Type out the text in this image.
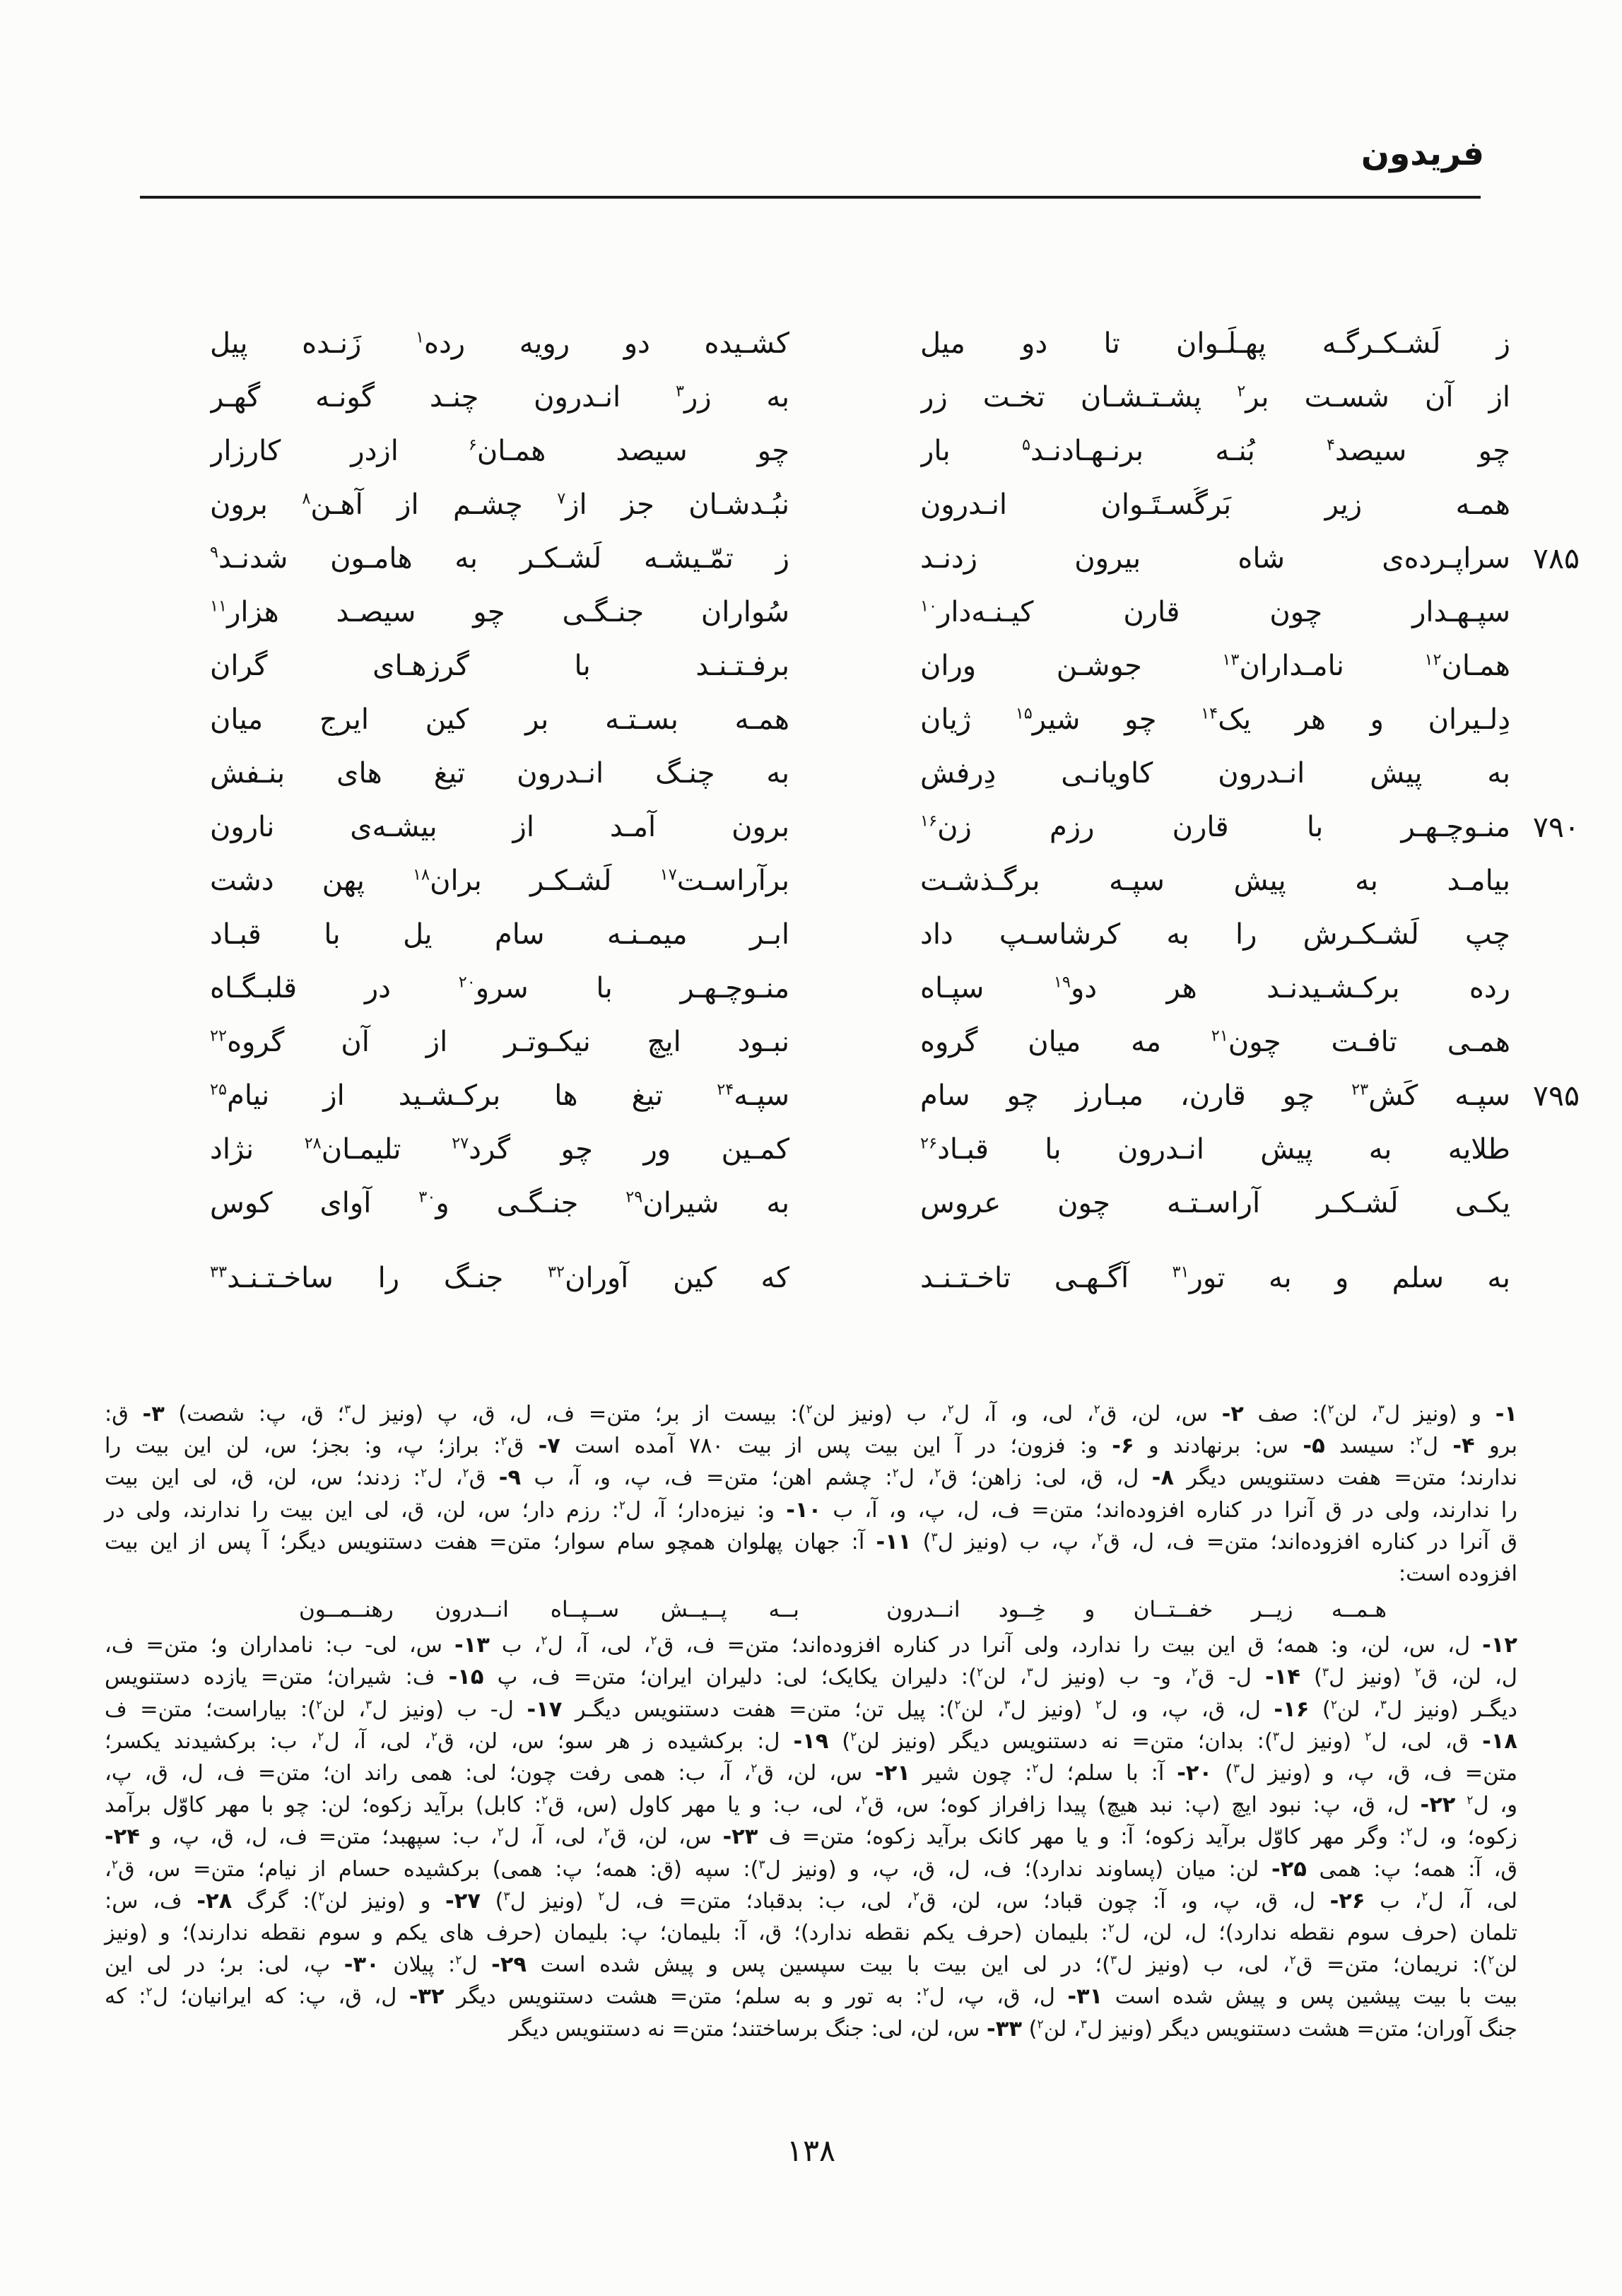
فریدون
ز لَشـکـرگـه پهـلَـوان تا دو میل
کشـیده دو رویه رده$^۱$ زَنـده پیل
از آن شسـت بر$^۲$ پشـتـشـان تخـت زر
به زر$^۳$ انـدرون چنـد گونـه گهـر
چو سیصد$^۴$ بُنـه برنـهـادنـد$^۵$ بار
چو سیصد همـان$^۶$ ازدرِ کارزار
همـه زیر بَرگُسـتَـوان انـدرون
نبُـدشـان جز از$^۷$ چشـم از آهـن$^۸$ برون
۷۸۵
سراپـرده‌ی شاه بیرون زدنـد
ز تمّـیشـه لَشـکـر به هامـون شدنـد$^۹$
سپـهـدار چون قارن کیـنـه‌دار$^{۱۰}$
سُواران جنـگـی چو سیصـد هزار$^{۱۱}$
همـان$^{۱۲}$ نامـداران$^{۱۳}$ جوشـن وران
برفـتـنـد با گرزهـای گران
دِلـیران و هر یک$^{۱۴}$ چو شیر$^{۱۵}$ ژیان
همـه بسـتـه بر کین ایرج میان
به پیش انـدرون کاویانـی دِرفش
به چنـگ انـدرون تیغ های بنـفش
۷۹۰
منـوچـهـر با قارن رزم زن$^{۱۶}$
برون آمـد از بیشـه‌ی نارون
بیامـد به پیش سپـه برگـذشـت
برآراسـت$^{۱۷}$ لَشـکـر بران$^{۱۸}$ پهن دشت
چپ لَشـکـرش را به کرشاسـپ داد
ابـر میمـنـه سام یل با قبـاد
رده برکـشـیدنـد هر دو$^{۱۹}$ سپـاه
منـوچـهـر با سرو$^{۲۰}$ در قلبـگـاه
همـی تافـت چون$^{۲۱}$ مه میان گروه
نبـود ایچ نیکـوتـر از آن گروه$^{۲۲}$
۷۹۵
سپـه کَش$^{۲۳}$ چو قارن، مبـارز چو سام
سپـه$^{۲۴}$ تیغ ها برکـشـید از نیام$^{۲۵}$
طلایه به پیش انـدرون با قبـاد$^{۲۶}$
کمـین ور چو گرد$^{۲۷}$ تلیمـان$^{۲۸}$ نژاد
یکـی لَشـکـر آراسـتـه چون عروس
به شیران$^{۲۹}$ جنـگـی و$^{۳۰}$ آوای کوس
به سلم و به تور$^{۳۱}$ آگـهـی تاخـتـنـد
که کین آوران$^{۳۲}$ جنـگ را ساخـتـنـد$^{۳۳}$
۱- و (ونیز ل$^۳$، لن$^۲$): صف ۲- س، لن، ق$^۲$، لی، و، آ، ل$^۲$، ب (ونیز لن$^۲$): بیست از بر؛ متن= ف، ل، ق، پ (ونیز ل$^۳$؛ ق، پ: شصت) ۳- ق:
برو ۴- ل$^۲$: سیسد ۵- س: برنهادند و ۶- و: فزون؛ در آ این بیت پس از بیت ۷۸۰ آمده است ۷- ق$^۲$: براز؛ پ، و: بجز؛ س، لن این بیت را
ندارند؛ متن= هفت دستنویس دیگر ۸- ل، ق، لی: زاهن؛ ق$^۲$، ل$^۲$: چشم اهن؛ متن= ف، پ، و، آ، ب ۹- ق$^۲$، ل$^۲$: زدند؛ س، لن، ق، لی این بیت
را ندارند، ولی در ق آنرا در کناره افزوده‌اند؛ متن= ف، ل، پ، و، آ، ب ۱۰- و: نیزه‌دار؛ آ، ل$^۲$: رزم دار؛ س، لن، ق، لی این بیت را ندارند، ولی در
ق آنرا در کناره افزوده‌اند؛ متن= ف، ل، ق$^۲$، پ، ب (ونیز ل$^۳$) ۱۱- آ: جهان پهلوان همچو سام سوار؛ متن= هفت دستنویس دیگر؛ آ پس از این بیت
افزوده است:
هـمــه زیــر خفــتــان و خِــود انــدرون
بــه پــیــش ســپــاه انــدرون رهنــمــون
۱۲- ل، س، لن، و: همه؛ ق این بیت را ندارد، ولی آنرا در کناره افزوده‌اند؛ متن= ف، ق$^۲$، لی، آ، ل$^۲$، ب ۱۳- س، لی- ب: نامداران و؛ متن= ف،
ل، لن، ق$^۲$ (ونیز ل$^۳$) ۱۴- ل- ق$^۲$، و- ب (ونیز ل$^۳$، لن$^۲$): دلیران یکایک؛ لی: دلیران ایران؛ متن= ف، پ ۱۵- ف: شیران؛ متن= یازده دستنویس
دیگـر (ونیز ل$^۳$، لن$^۲$) ۱۶- ل، ق، پ، و، ل$^۲$ (ونیز ل$^۳$، لن$^۲$): پیل تن؛ متن= هفت دستنویس دیگـر ۱۷- ل- ب (ونیز ل$^۳$، لن$^۲$): بیاراست؛ متن= ف
۱۸- ق، لی، ل$^۲$ (ونیز ل$^۳$): بدان؛ متن= نه دستنویس دیگر (ونیز لن$^۲$) ۱۹- ل: برکشیده ز هر سو؛ س، لن، ق$^۲$، لی، آ، ل$^۲$، ب: برکشیدند یکسر؛
متن= ف، ق، پ، و (ونیز ل$^۳$) ۲۰- آ: با سلم؛ ل$^۲$: چون شیر ۲۱- س، لن، ق$^۲$، آ، ب: همی رفت چون؛ لی: همی راند ان؛ متن= ف، ل، ق، پ،
و، ل$^۲$ ۲۲- ل، ق، پ: نبود ایچ (پ: نبد هیچ) پیدا زافراز کوه؛ س، ق$^۲$، لی، ب: و یا مهر کاول (س، ق$^۲$: کابل) برآید زکوه؛ لن: چو با مهر کاوّل برآمد
زکوه؛ و، ل$^۲$: وگر مهر کاوّل برآید زکوه؛ آ: و یا مهر کانک برآید زکوه؛ متن= ف ۲۳- س، لن، ق$^۲$، لی، آ، ل$^۲$، ب: سپهبد؛ متن= ف، ل، ق، پ، و ۲۴-
ق، آ: همه؛ پ: همی ۲۵- لن: میان (پساوند ندارد)؛ ف، ل، ق، پ، و (ونیز ل$^۳$): سپه (ق: همه؛ پ: همی) برکشیده حسام از نیام؛ متن= س، ق$^۲$،
لی، آ، ل$^۲$، ب ۲۶- ل، ق، پ، و، آ: چون قباد؛ س، لن، ق$^۲$، لی، ب: بدقباد؛ متن= ف، ل$^۲$ (ونیز ل$^۳$) ۲۷- و (ونیز لن$^۲$): گرگ ۲۸- ف، س:
تلمان (حرف سوم نقطه ندارد)؛ ل، لن، ل$^۲$: بلیمان (حرف یکم نقطه ندارد)؛ ق، آ: بلیمان؛ پ: بلیمان (حرف های یکم و سوم نقطه ندارند)؛ و (ونیز
لن$^۲$): نریمان؛ متن= ق$^۲$، لی، ب (ونیز ل$^۳$)؛ در لی این بیت با بیت سپسین پس و پیش شده است ۲۹- ل$^۲$: پیلان ۳۰- پ، لی: بر؛ در لی این
بیت با بیت پیشین پس و پیش شده است ۳۱- ل، ق، پ، ل$^۲$: به تور و به سلم؛ متن= هشت دستنویس دیگر ۳۲- ل، ق، پ: که ایرانیان؛ ل$^۲$: که
جنگ آوران؛ متن= هشت دستنویس دیگر (ونیز ل$^۳$، لن$^۲$) ۳۳- س، لن، لی: جنگ برساختند؛ متن= نه دستنویس دیگر
۱۳۸
